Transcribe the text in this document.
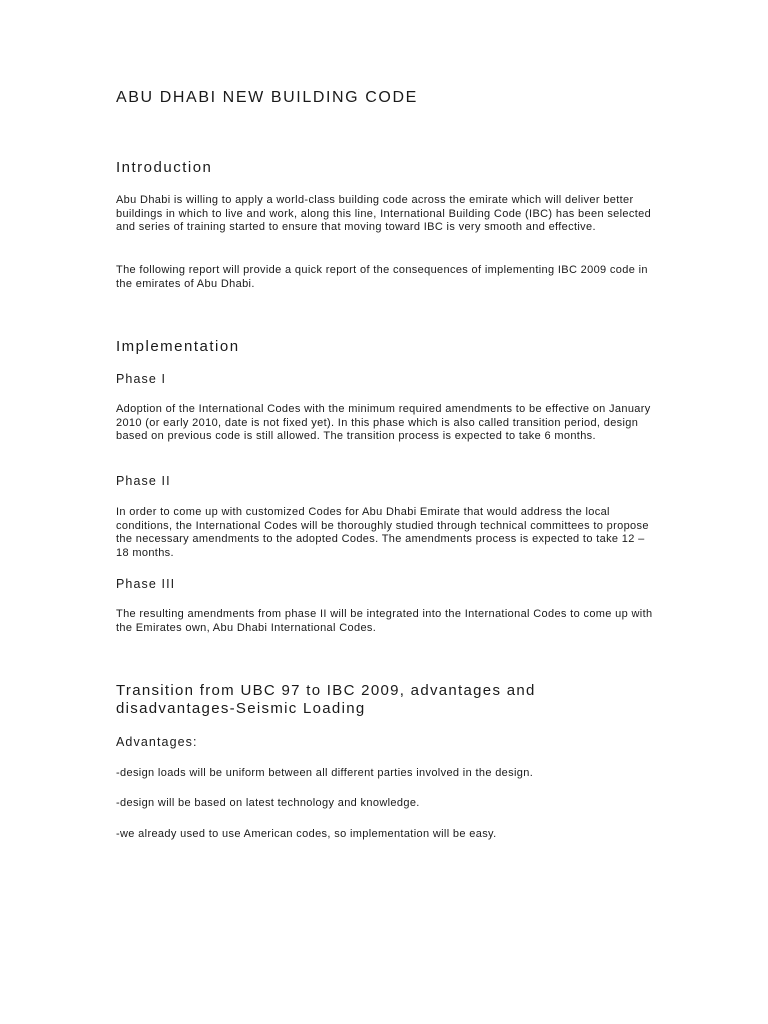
ABU DHABI NEW BUILDING CODE
Introduction

Abu Dhabi is willing to apply a world-class building code across the emirate which will deliver better buildings in which to live and work, along this line, International Building Code (IBC) has been selected and series of training started to ensure that moving toward IBC is very smooth and effective.

The following report will provide a quick report of the consequences of implementing IBC 2009 code in the emirates of Abu Dhabi.

Implementation
Phase I

Adoption of the International Codes with the minimum required amendments to be effective on January 2010 (or early 2010, date is not fixed yet). In this phase which is also called transition period, design based on previous code is still allowed. The transition process is expected to take 6 months.

Phase II

In order to come up with customized Codes for Abu Dhabi Emirate that would address the local conditions, the International Codes will be thoroughly studied through technical committees to propose the necessary amendments to the adopted Codes. The amendments process is expected to take 12 – 18 months.

Phase III

The resulting amendments from phase II will be integrated into the International Codes to come up with the Emirates own, Abu Dhabi International Codes.

Transition from UBC 97 to IBC 2009, advantages and disadvantages-Seismic Loading
Advantages:

-design loads will be uniform between all different parties involved in the design.

-design will be based on latest technology and knowledge.

-we already used to use American codes, so implementation will be easy.
